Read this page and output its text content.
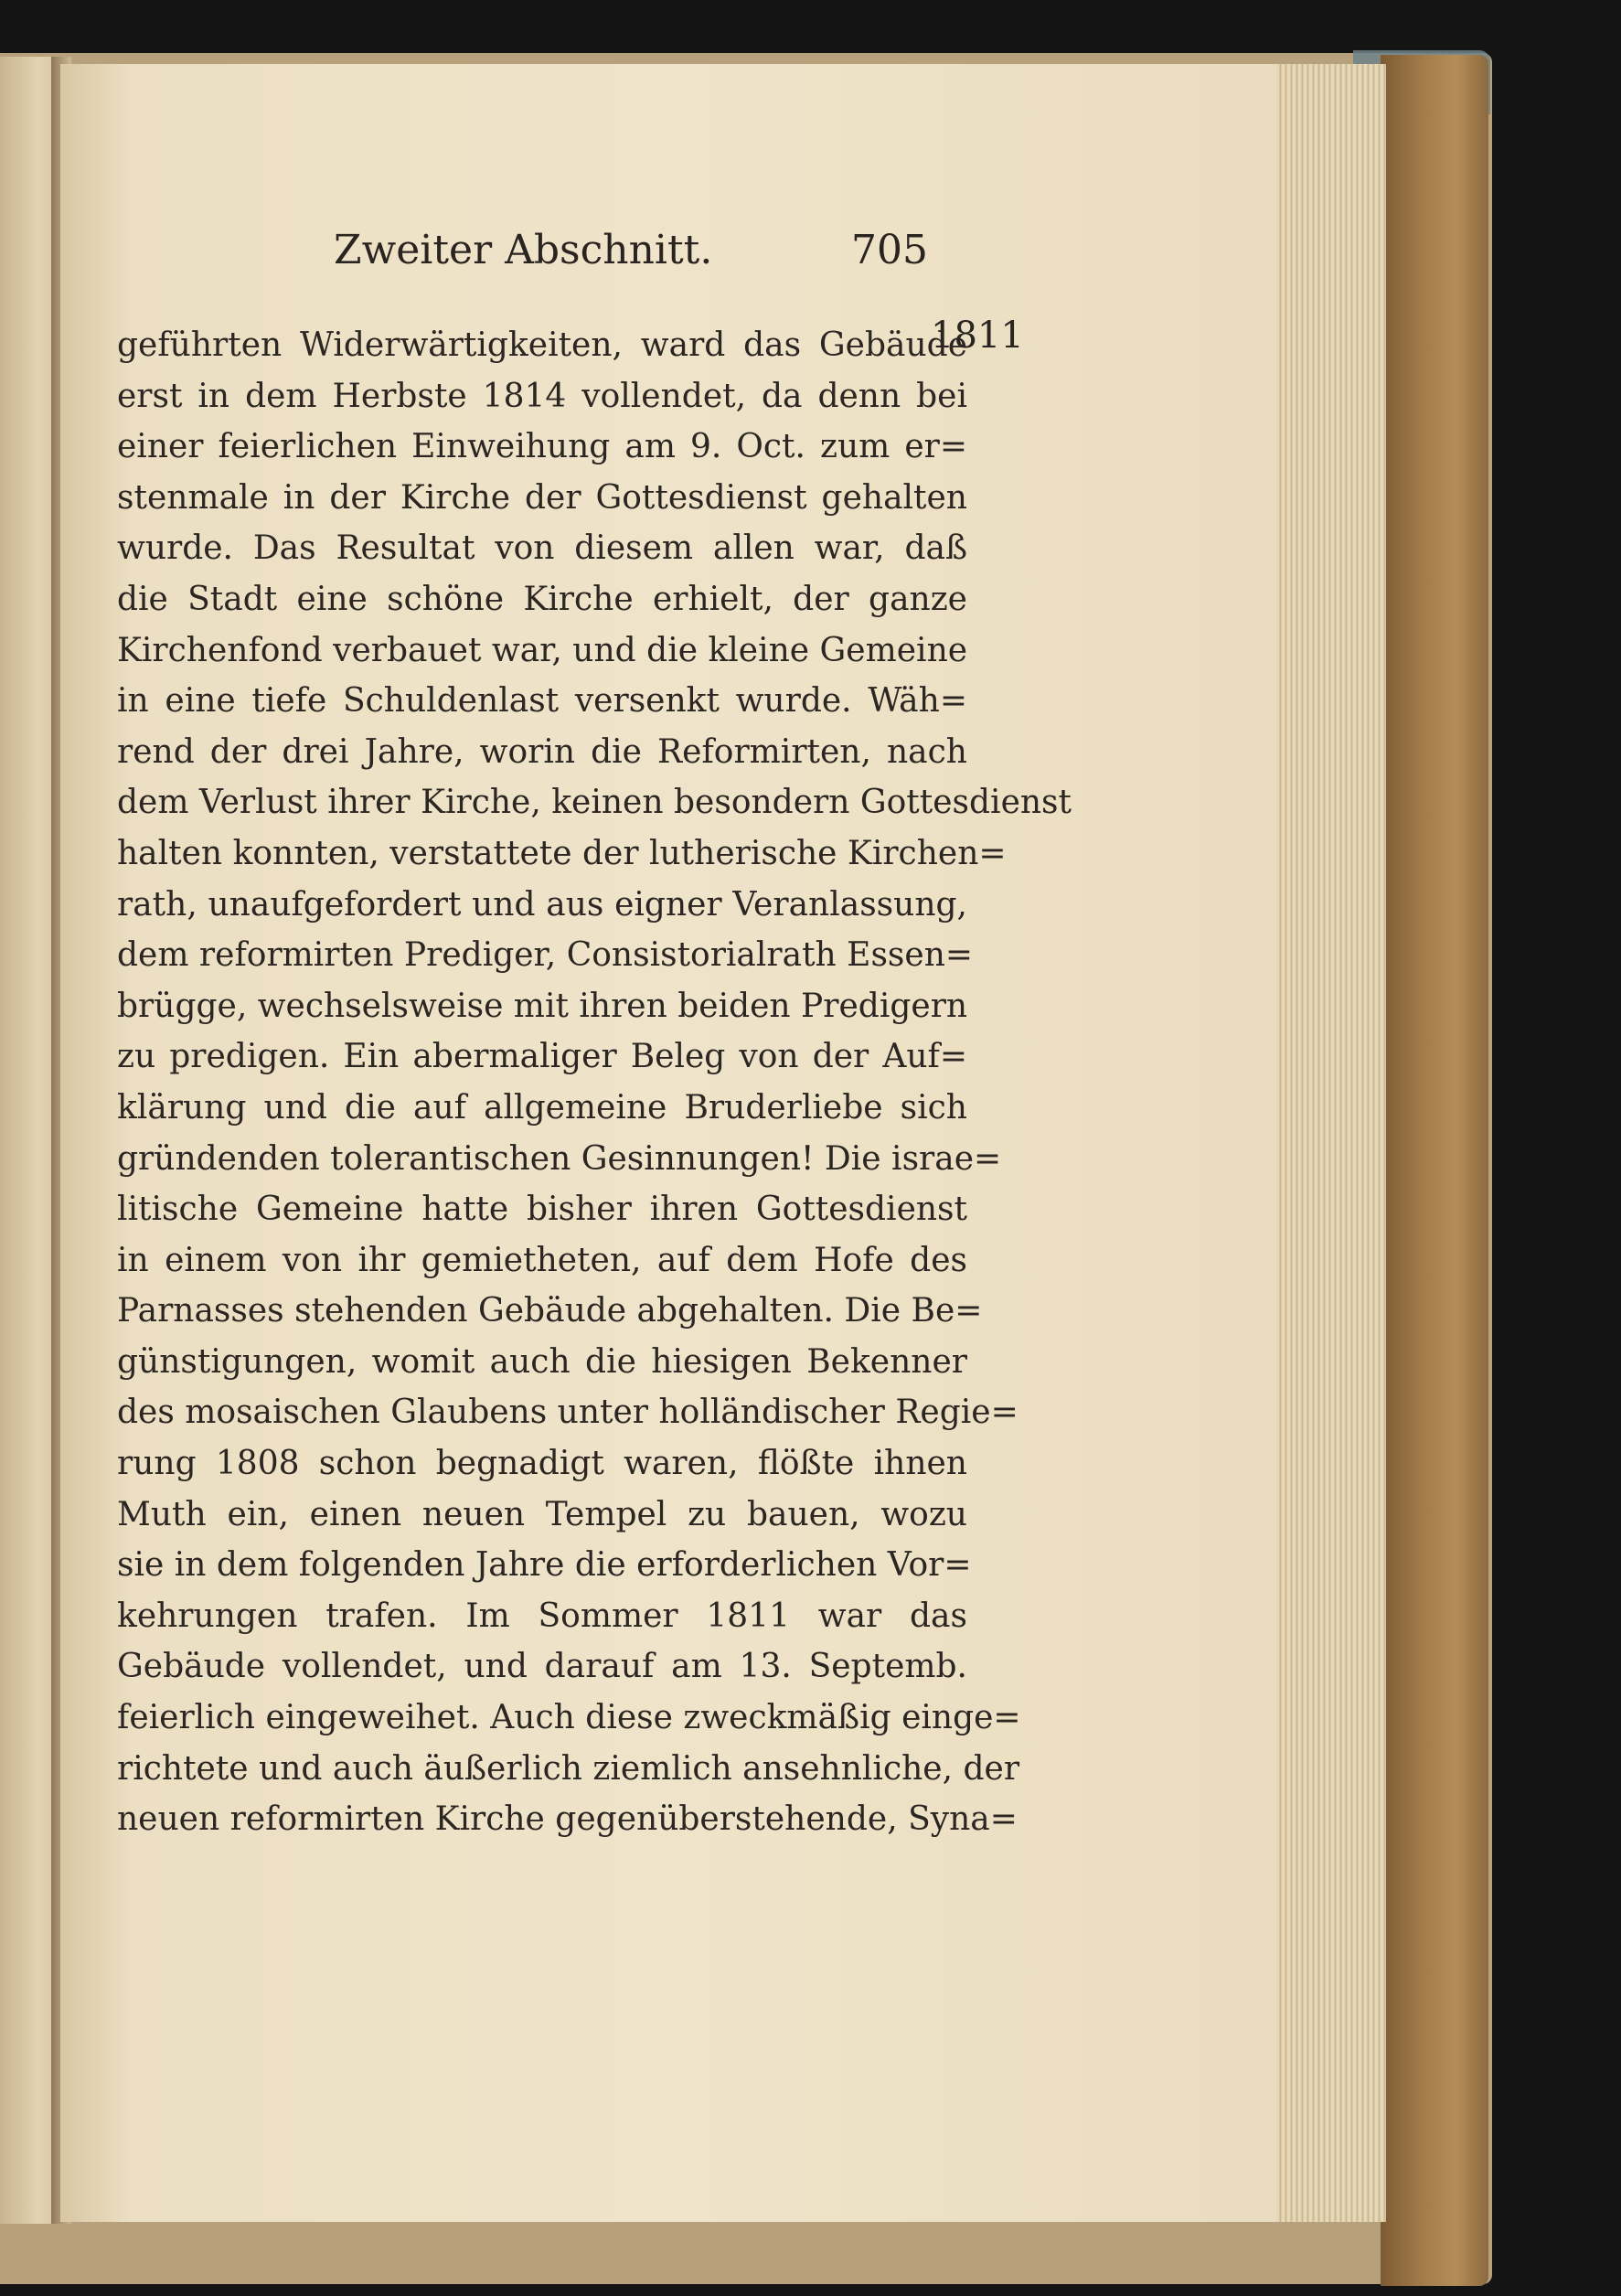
Zweiter Abschnitt.	705
1811
geführten Widerwärtigkeiten, ward das Gebäude
erst in dem Herbste 1814 vollendet, da denn bei
einer feierlichen Einweihung am 9. Oct. zum er=
stenmale in der Kirche der Gottesdienst gehalten
wurde. Das Resultat von diesem allen war, daß
die Stadt eine schöne Kirche erhielt, der ganze
Kirchenfond verbauet war, und die kleine Gemeine
in eine tiefe Schuldenlast versenkt wurde. Wäh=
rend der drei Jahre, worin die Reformirten, nach
dem Verlust ihrer Kirche, keinen besondern Gottesdienst
halten konnten, verstattete der lutherische Kirchen=
rath, unaufgefordert und aus eigner Veranlassung,
dem reformirten Prediger, Consistorialrath Essen=
brügge, wechselsweise mit ihren beiden Predigern
zu predigen. Ein abermaliger Beleg von der Auf=
klärung und die auf allgemeine Bruderliebe sich
gründenden tolerantischen Gesinnungen! Die israe=
litische Gemeine hatte bisher ihren Gottesdienst
in einem von ihr gemietheten, auf dem Hofe des
Parnasses stehenden Gebäude abgehalten. Die Be=
günstigungen, womit auch die hiesigen Bekenner
des mosaischen Glaubens unter holländischer Regie=
rung 1808 schon begnadigt waren, flößte ihnen
Muth ein, einen neuen Tempel zu bauen, wozu
sie in dem folgenden Jahre die erforderlichen Vor=
kehrungen trafen. Im Sommer 1811 war das
Gebäude vollendet, und darauf am 13. Septemb.
feierlich eingeweihet. Auch diese zweckmäßig einge=
richtete und auch äußerlich ziemlich ansehnliche, der
neuen reformirten Kirche gegenüberstehende, Syna=
